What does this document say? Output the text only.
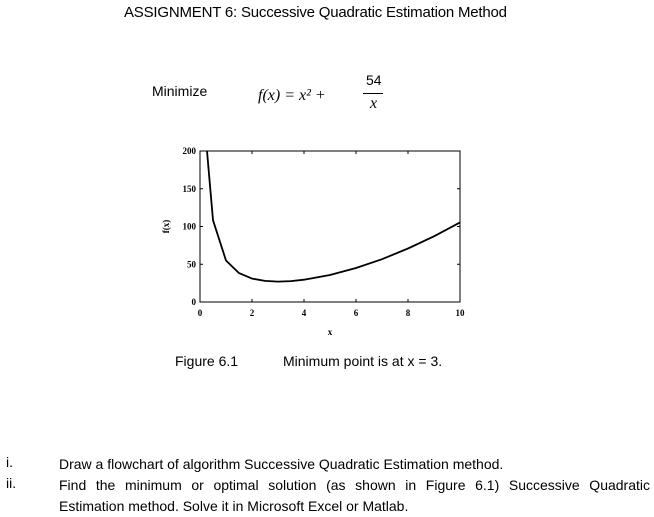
ASSIGNMENT 6: Successive Quadratic Estimation Method
Minimize	f(x) = x² +
54
x
0	2	4	6	8	10
0
50
100
150
200
x
f(x)
Figure 6.1	Minimum point is at x = 3.
i.	Draw a flowchart of algorithm Successive Quadratic Estimation method.
ii.	Find the minimum or optimal solution (as shown in Figure 6.1) Successive Quadratic Estimation method. Solve it in Microsoft Excel or Matlab.
